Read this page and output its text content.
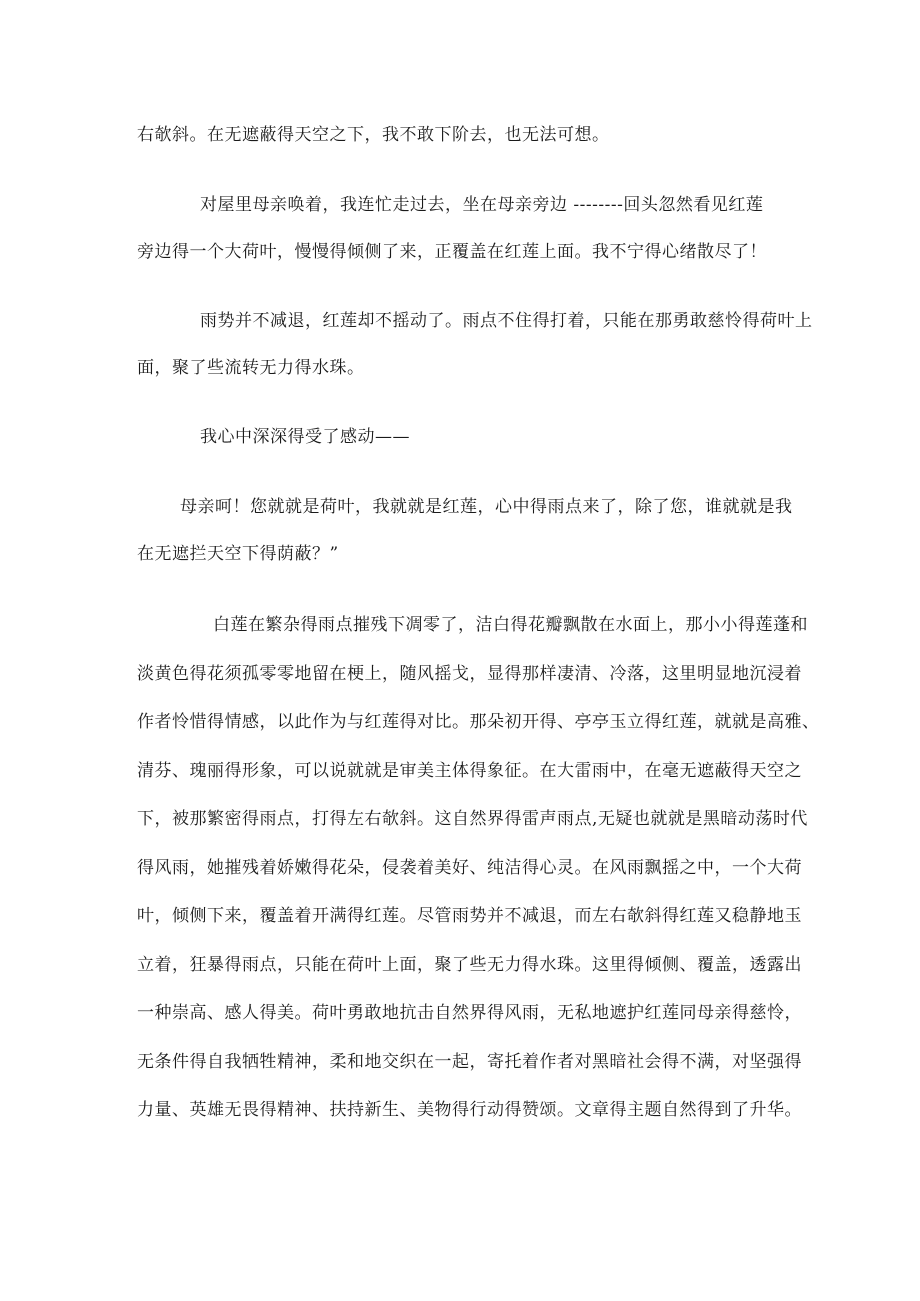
右欹斜。在无遮蔽得天空之下，我不敢下阶去，也无法可想。
对屋里母亲唤着，我连忙走过去，坐在母亲旁边 --------回头忽然看见红莲
旁边得一个大荷叶，慢慢得倾侧了来，正覆盖在红莲上面。我不宁得心绪散尽了！
雨势并不减退，红莲却不摇动了。雨点不住得打着，只能在那勇敢慈怜得荷叶上
面，聚了些流转无力得水珠。
我心中深深得受了感动——
母亲呵！您就就是荷叶，我就就是红莲，心中得雨点来了，除了您，谁就就是我
在无遮拦天空下得荫蔽？”
白莲在繁杂得雨点摧残下凋零了，洁白得花瓣飘散在水面上，那小小得莲蓬和
淡黄色得花须孤零零地留在梗上，随风摇戈，显得那样凄清、冷落，这里明显地沉浸着
作者怜惜得情感，以此作为与红莲得对比。那朵初开得、亭亭玉立得红莲，就就是高雅、
清芬、瑰丽得形象，可以说就就是审美主体得象征。在大雷雨中，在毫无遮蔽得天空之
下，被那繁密得雨点，打得左右欹斜。这自然界得雷声雨点,无疑也就就是黑暗动荡时代
得风雨，她摧残着娇嫩得花朵，侵袭着美好、纯洁得心灵。在风雨飘摇之中，一个大荷
叶，倾侧下来，覆盖着开满得红莲。尽管雨势并不减退，而左右欹斜得红莲又稳静地玉
立着，狂暴得雨点，只能在荷叶上面，聚了些无力得水珠。这里得倾侧、覆盖，透露出
一种崇高、感人得美。荷叶勇敢地抗击自然界得风雨，无私地遮护红莲同母亲得慈怜，
无条件得自我牺牲精神，柔和地交织在一起，寄托着作者对黑暗社会得不满，对坚强得
力量、英雄无畏得精神、扶持新生、美物得行动得赞颂。文章得主题自然得到了升华。
